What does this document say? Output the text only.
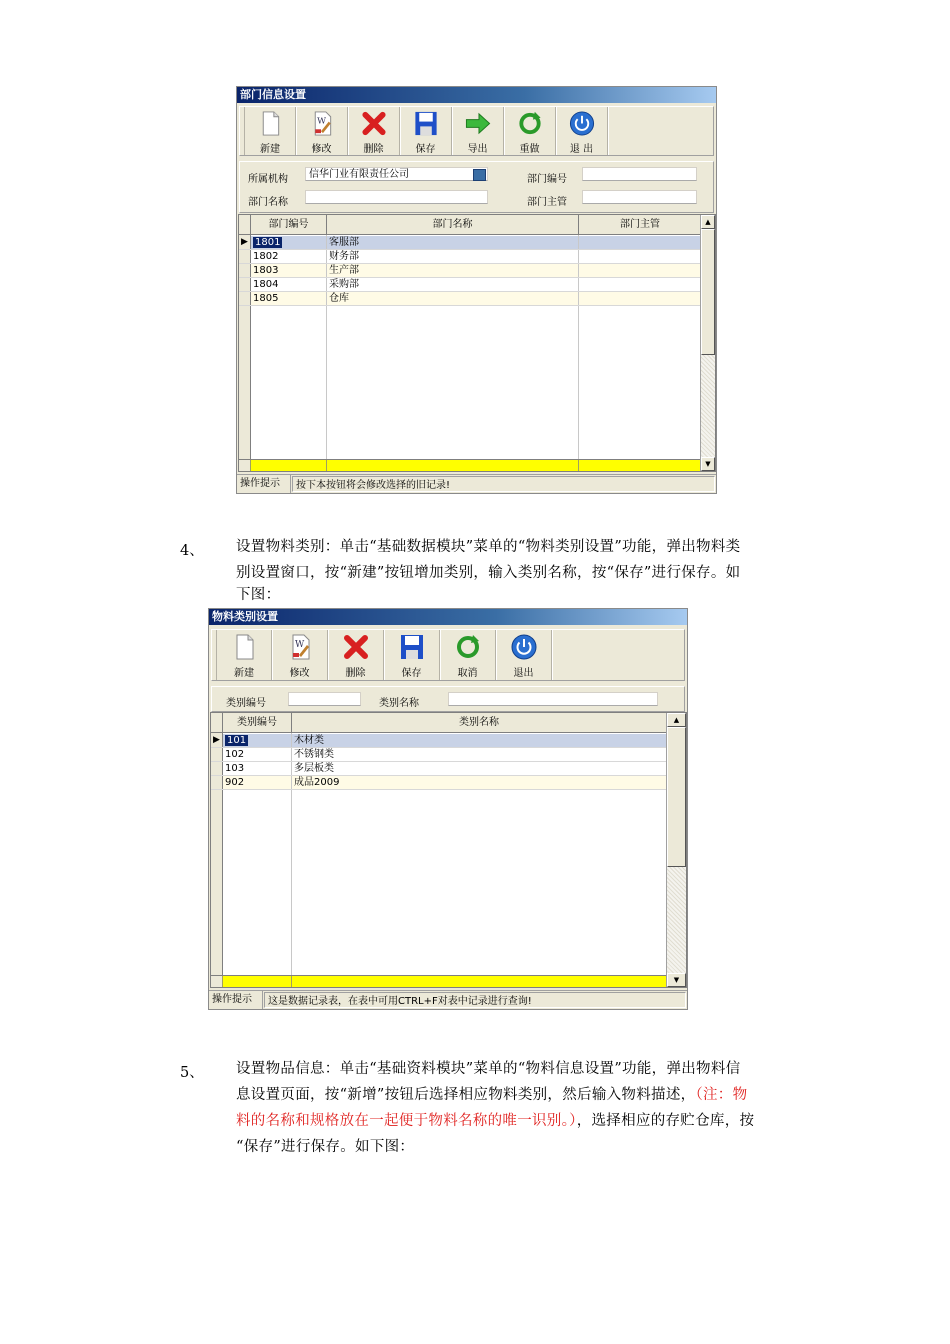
部门信息设置
新建
W
修改	删除	保存	导出	重做	退 出
所属机构	信华门业有限责任公司	部门编号
部门名称	部门主管
部门编号	部门名称	部门主管
▶ 1801	客服部
1802	财务部
1803	生产部
1804	采购部
1805	仓库
▲
▼
操作提示	按下本按钮将会修改选择的旧记录!
4、 设置物料类别：单击“基础数据模块”菜单的“物料类别设置”功能，弹出物料类
别设置窗口，按“新建”按钮增加类别，输入类别名称，按“保存”进行保存。如
下图：
物料类别设置
新建
W
修改	删除	保存	取消	退出
类别编号	类别名称
类别编号	类别名称
▶ 101	木材类
102	不锈钢类
103	多层板类
902	成品2009
▲
▼
操作提示	这是数据记录表，在表中可用CTRL+F对表中记录进行查询!
5、 设置物品信息：单击“基础资料模块”菜单的“物料信息设置”功能，弹出物料信
息设置页面，按“新增”按钮后选择相应物料类别，然后输入物料描述，（注：物
料的名称和规格放在一起便于物料名称的唯一识别。），选择相应的存贮仓库，按
“保存”进行保存。如下图：
